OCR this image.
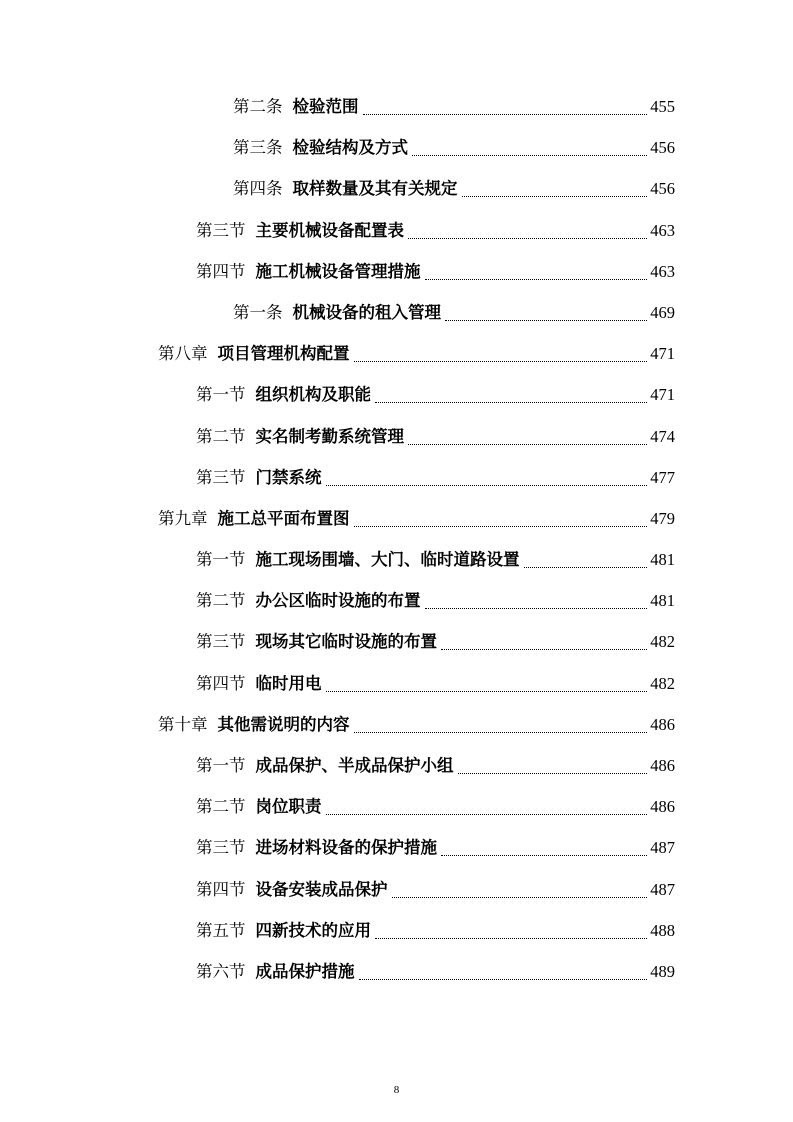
第二条 检验范围	455
第三条 检验结构及方式	456
第四条 取样数量及其有关规定	456
第三节 主要机械设备配置表	463
第四节 施工机械设备管理措施	463
第一条 机械设备的租入管理	469
第八章 项目管理机构配置	471
第一节 组织机构及职能	471
第二节 实名制考勤系统管理	474
第三节 门禁系统	477
第九章 施工总平面布置图	479
第一节 施工现场围墙、大门、临时道路设置	481
第二节 办公区临时设施的布置	481
第三节 现场其它临时设施的布置	482
第四节 临时用电	482
第十章 其他需说明的内容	486
第一节 成品保护、半成品保护小组	486
第二节 岗位职责	486
第三节 进场材料设备的保护措施	487
第四节 设备安装成品保护	487
第五节 四新技术的应用	488
第六节 成品保护措施	489
8
